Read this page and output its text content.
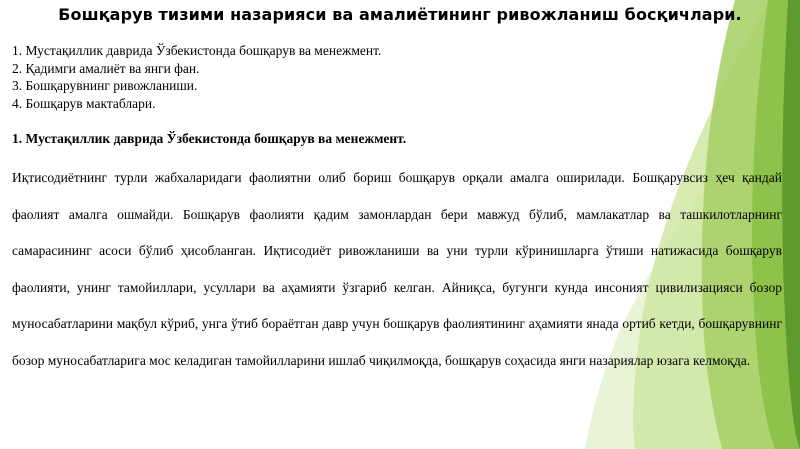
Бошқарув тизими назарияси ва амалиётининг ривожланиш босқичлари.
1. Мустақиллик даврида Ўзбекистонда бошқарув ва менежмент.
2. Қадимги амалиёт ва янги фан.
3. Бошқарувнинг ривожланиши.
4. Бошқарув мактаблари.
1. Мустақиллик даврида Ўзбекистонда бошқарув ва менежмент.

Иқтисодиётнинг турли жабхаларидаги фаолиятни олиб бориш бошқарув орқали амалга оширилади. Бошқарувсиз ҳеч қандай фаолият амалга ошмайди. Бошқарув фаолияти қадим замонлардан бери мавжуд бўлиб, мамлакатлар ва ташкилотларнинг самарасининг асоси бўлиб ҳисобланган. Иқтисодиёт ривожланиши ва уни турли кўринишларга ўтиши натижасида бошқарув фаолияти, унинг тамойиллари, усуллари ва аҳамияти ўзгариб келган. Айниқса, бугунги кунда инсоният цивилизацияси бозор муносабатларини мақбул кўриб, унга ўтиб бораётган давр учун бошқарув фаолиятининг аҳамияти янада ортиб кетди, бошқарувнинг бозор муносабатларига мос келадиган тамойилларини ишлаб чиқилмоқда, бошқарув соҳасида янги назариялар юзага келмоқда.
